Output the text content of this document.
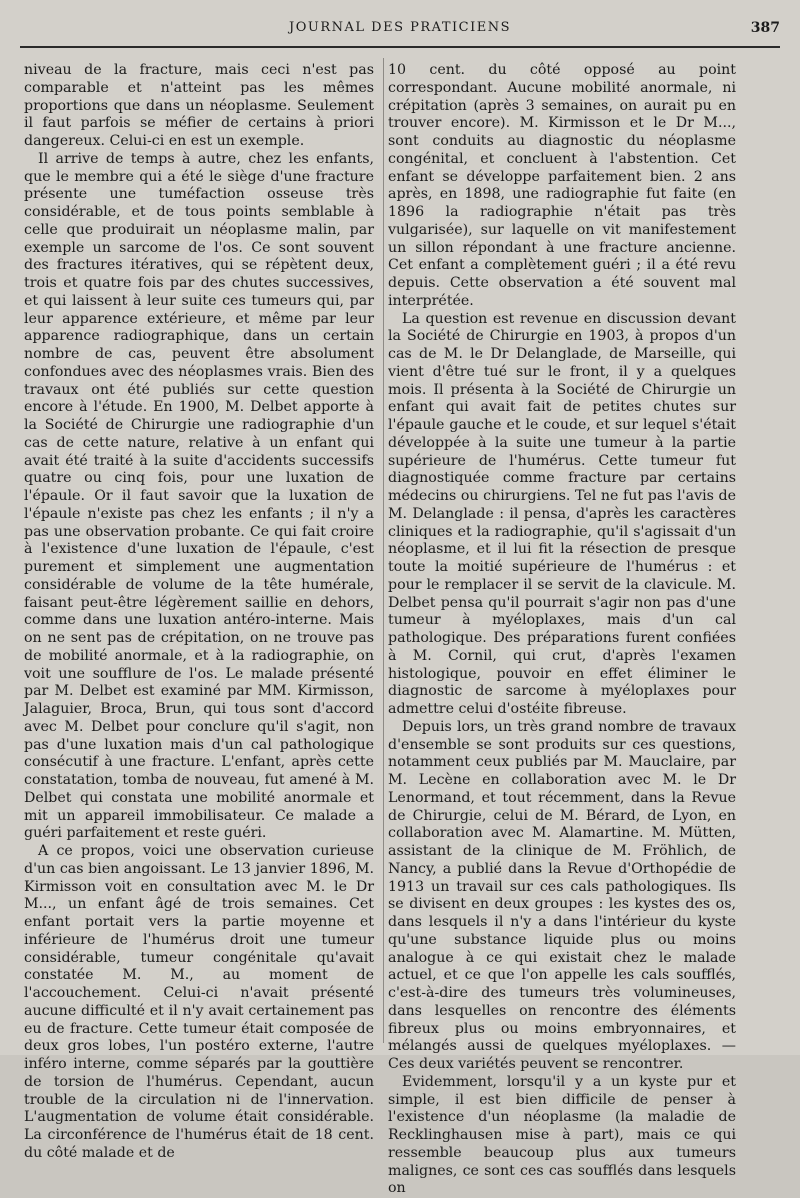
JOURNAL DES PRATICIENS	387

niveau de la fracture, mais ceci n'est pas comparable et n'atteint pas les mêmes proportions que dans un néoplasme. Seulement il faut parfois se méfier de certains à priori dangereux. Celui-ci en est un exemple.

Il arrive de temps à autre, chez les enfants, que le membre qui a été le siège d'une fracture présente une tuméfaction osseuse très considérable, et de tous points semblable à celle que produirait un néoplasme malin, par exemple un sarcome de l'os. Ce sont souvent des fractures itératives, qui se répètent deux, trois et quatre fois par des chutes successives, et qui laissent à leur suite ces tumeurs qui, par leur apparence extérieure, et même par leur apparence radiographique, dans un certain nombre de cas, peuvent être absolument confondues avec des néoplasmes vrais. Bien des travaux ont été publiés sur cette question encore à l'étude. En 1900, M. Delbet apporte à la Société de Chirurgie une radiographie d'un cas de cette nature, relative à un enfant qui avait été traité à la suite d'accidents successifs quatre ou cinq fois, pour une luxation de l'épaule. Or il faut savoir que la luxation de l'épaule n'existe pas chez les enfants ; il n'y a pas une observation probante. Ce qui fait croire à l'existence d'une luxation de l'épaule, c'est purement et simplement une augmentation considérable de volume de la tête humérale, faisant peut-être légèrement saillie en dehors, comme dans une luxation antéro-interne. Mais on ne sent pas de crépitation, on ne trouve pas de mobilité anormale, et à la radiographie, on voit une soufflure de l'os. Le malade présenté par M. Delbet est examiné par MM. Kirmisson, Jalaguier, Broca, Brun, qui tous sont d'accord avec M. Delbet pour conclure qu'il s'agit, non pas d'une luxation mais d'un cal pathologique consécutif à une fracture. L'enfant, après cette constatation, tomba de nouveau, fut amené à M. Delbet qui constata une mobilité anormale et mit un appareil immobilisateur. Ce malade a guéri parfaitement et reste guéri.

A ce propos, voici une observation curieuse d'un cas bien angoissant. Le 13 janvier 1896, M. Kirmisson voit en consultation avec M. le Dr M..., un enfant âgé de trois semaines. Cet enfant portait vers la partie moyenne et inférieure de l'humérus droit une tumeur considérable, tumeur congénitale qu'avait constatée M. M., au moment de l'accouchement. Celui-ci n'avait présenté aucune difficulté et il n'y avait certainement pas eu de fracture. Cette tumeur était composée de deux gros lobes, l'un postéro externe, l'autre inféro interne, comme séparés par la gouttière de torsion de l'humérus. Cependant, aucun trouble de la circulation ni de l'innervation. L'augmentation de volume était considérable. La circonférence de l'humérus était de 18 cent. du côté malade et de

10 cent. du côté opposé au point correspondant. Aucune mobilité anormale, ni crépitation (après 3 semaines, on aurait pu en trouver encore). M. Kirmisson et le Dr M..., sont conduits au diagnostic du néoplasme congénital, et concluent à l'abstention. Cet enfant se développe parfaitement bien. 2 ans après, en 1898, une radiographie fut faite (en 1896 la radiographie n'était pas très vulgarisée), sur laquelle on vit manifestement un sillon répondant à une fracture ancienne. Cet enfant a complètement guéri ; il a été revu depuis. Cette observation a été souvent mal interprétée.

La question est revenue en discussion devant la Société de Chirurgie en 1903, à propos d'un cas de M. le Dr Delanglade, de Marseille, qui vient d'être tué sur le front, il y a quelques mois. Il présenta à la Société de Chirurgie un enfant qui avait fait de petites chutes sur l'épaule gauche et le coude, et sur lequel s'était développée à la suite une tumeur à la partie supérieure de l'humérus. Cette tumeur fut diagnostiquée comme fracture par certains médecins ou chirurgiens. Tel ne fut pas l'avis de M. Delanglade : il pensa, d'après les caractères cliniques et la radiographie, qu'il s'agissait d'un néoplasme, et il lui fit la résection de presque toute la moitié supérieure de l'humérus : et pour le remplacer il se servit de la clavicule. M. Delbet pensa qu'il pourrait s'agir non pas d'une tumeur à myéloplaxes, mais d'un cal pathologique. Des préparations furent confiées à M. Cornil, qui crut, d'après l'examen histologique, pouvoir en effet éliminer le diagnostic de sarcome à myéloplaxes pour admettre celui d'ostéite fibreuse.

Depuis lors, un très grand nombre de travaux d'ensemble se sont produits sur ces questions, notamment ceux publiés par M. Mauclaire, par M. Lecène en collaboration avec M. le Dr Lenormand, et tout récemment, dans la Revue de Chirurgie, celui de M. Bérard, de Lyon, en collaboration avec M. Alamartine. M. Mütten, assistant de la clinique de M. Fröhlich, de Nancy, a publié dans la Revue d'Orthopédie de 1913 un travail sur ces cals pathologiques. Ils se divisent en deux groupes : les kystes des os, dans lesquels il n'y a dans l'intérieur du kyste qu'une substance liquide plus ou moins analogue à ce qui existait chez le malade actuel, et ce que l'on appelle les cals soufflés, c'est-à-dire des tumeurs très volumineuses, dans lesquelles on rencontre des éléments fibreux plus ou moins embryonnaires, et mélangés aussi de quelques myéloplaxes. — Ces deux variétés peuvent se rencontrer.

Evidemment, lorsqu'il y a un kyste pur et simple, il est bien difficile de penser à l'existence d'un néoplasme (la maladie de Recklinghausen mise à part), mais ce qui ressemble beaucoup plus aux tumeurs malignes, ce sont ces cas soufflés dans lesquels on
